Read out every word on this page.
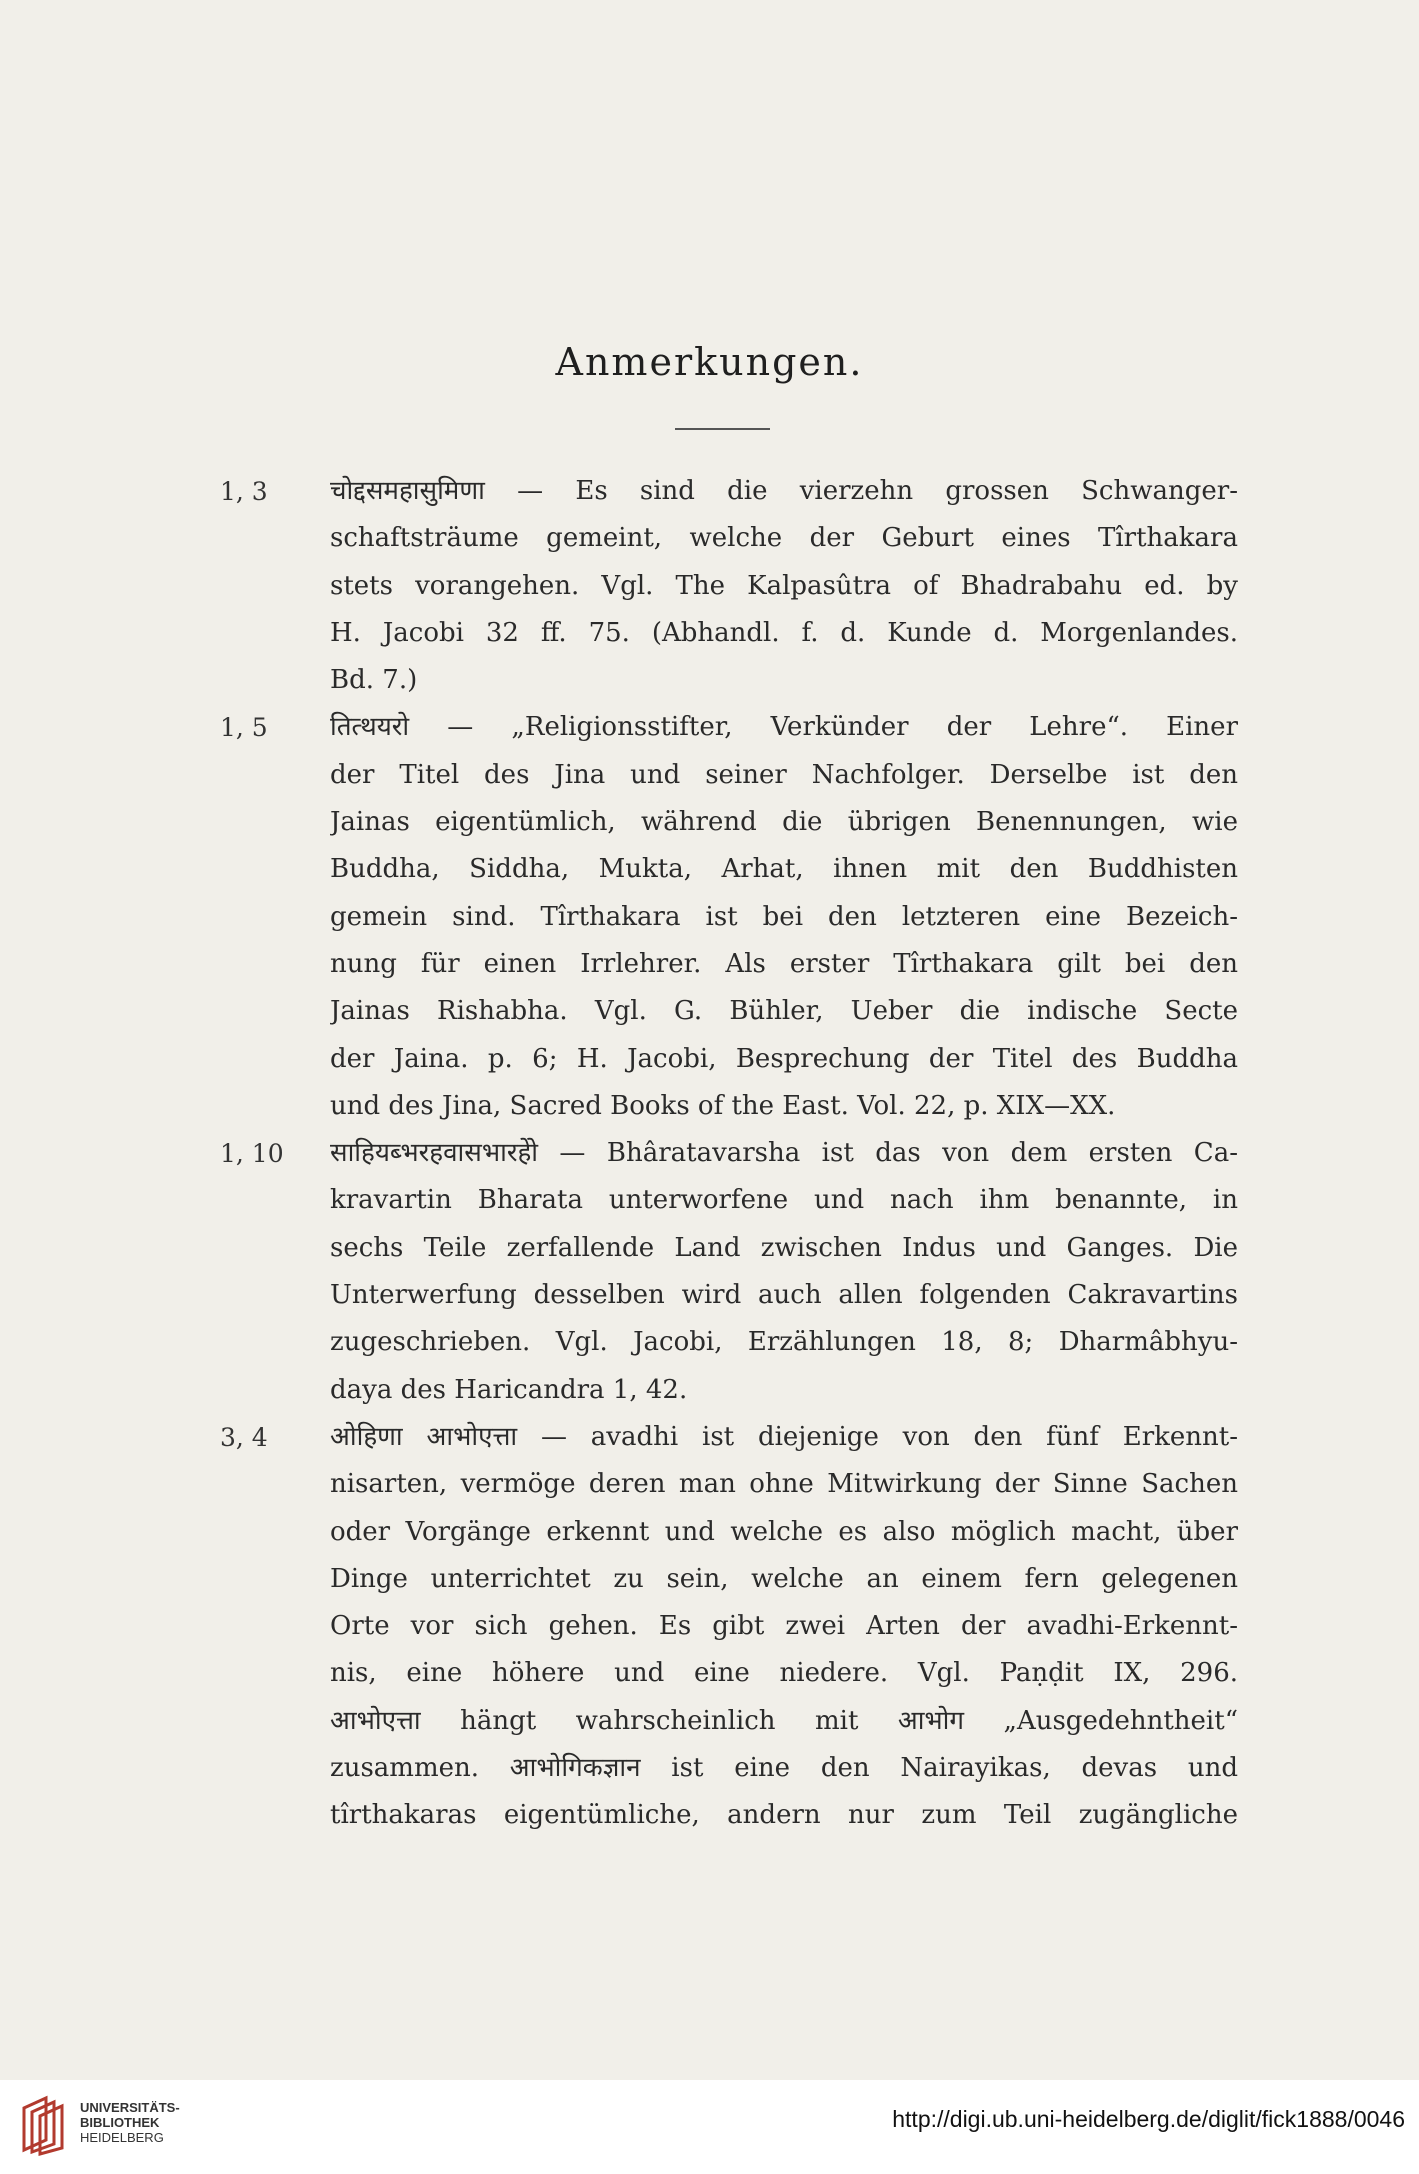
Anmerkungen.
1, 3	चोद्दसमहासुमिणा — Es sind die vierzehn grossen Schwanger-
schaftsträume gemeint, welche der Geburt eines Tîrthakara
stets vorangehen. Vgl. The Kalpasûtra of Bhadrabahu ed. by
H. Jacobi 32 ff. 75. (Abhandl. f. d. Kunde d. Morgenlandes.
Bd. 7.)
1, 5	तित्थयरो — „Religionsstifter, Verkünder der Lehre“. Einer
der Titel des Jina und seiner Nachfolger. Derselbe ist den
Jainas eigentümlich, während die übrigen Benennungen, wie
Buddha, Siddha, Mukta, Arhat, ihnen mit den Buddhisten
gemein sind. Tîrthakara ist bei den letzteren eine Bezeich-
nung für einen Irrlehrer. Als erster Tîrthakara gilt bei den
Jainas Rishabha. Vgl. G. Bühler, Ueber die indische Secte
der Jaina. p. 6; H. Jacobi, Besprechung der Titel des Buddha
und des Jina, Sacred Books of the East. Vol. 22, p. XIX—XX.
1, 10	साहियब्भरहवासभारहेो — Bhâratavarsha ist das von dem ersten Ca-
kravartin Bharata unterworfene und nach ihm benannte, in
sechs Teile zerfallende Land zwischen Indus und Ganges. Die
Unterwerfung desselben wird auch allen folgenden Cakravartins
zugeschrieben. Vgl. Jacobi, Erzählungen 18, 8; Dharmâbhyu-
daya des Haricandra 1, 42.
3, 4	ओहिणा आभोएत्ता — avadhi ist diejenige von den fünf Erkennt-
nisarten, vermöge deren man ohne Mitwirkung der Sinne Sachen
oder Vorgänge erkennt und welche es also möglich macht, über
Dinge unterrichtet zu sein, welche an einem fern gelegenen
Orte vor sich gehen. Es gibt zwei Arten der avadhi-Erkennt-
nis, eine höhere und eine niedere. Vgl. Paṇḍit IX, 296.
आभोएत्ता hängt wahrscheinlich mit आभोग „Ausgedehntheit“
zusammen. आभोगिकज्ञान ist eine den Nairayikas, devas und
tîrthakaras eigentümliche, andern nur zum Teil zugängliche
UNIVERSITÄTS-
BIBLIOTHEK
HEIDELBERG
http://digi.ub.uni-heidelberg.de/diglit/fick1888/0046
